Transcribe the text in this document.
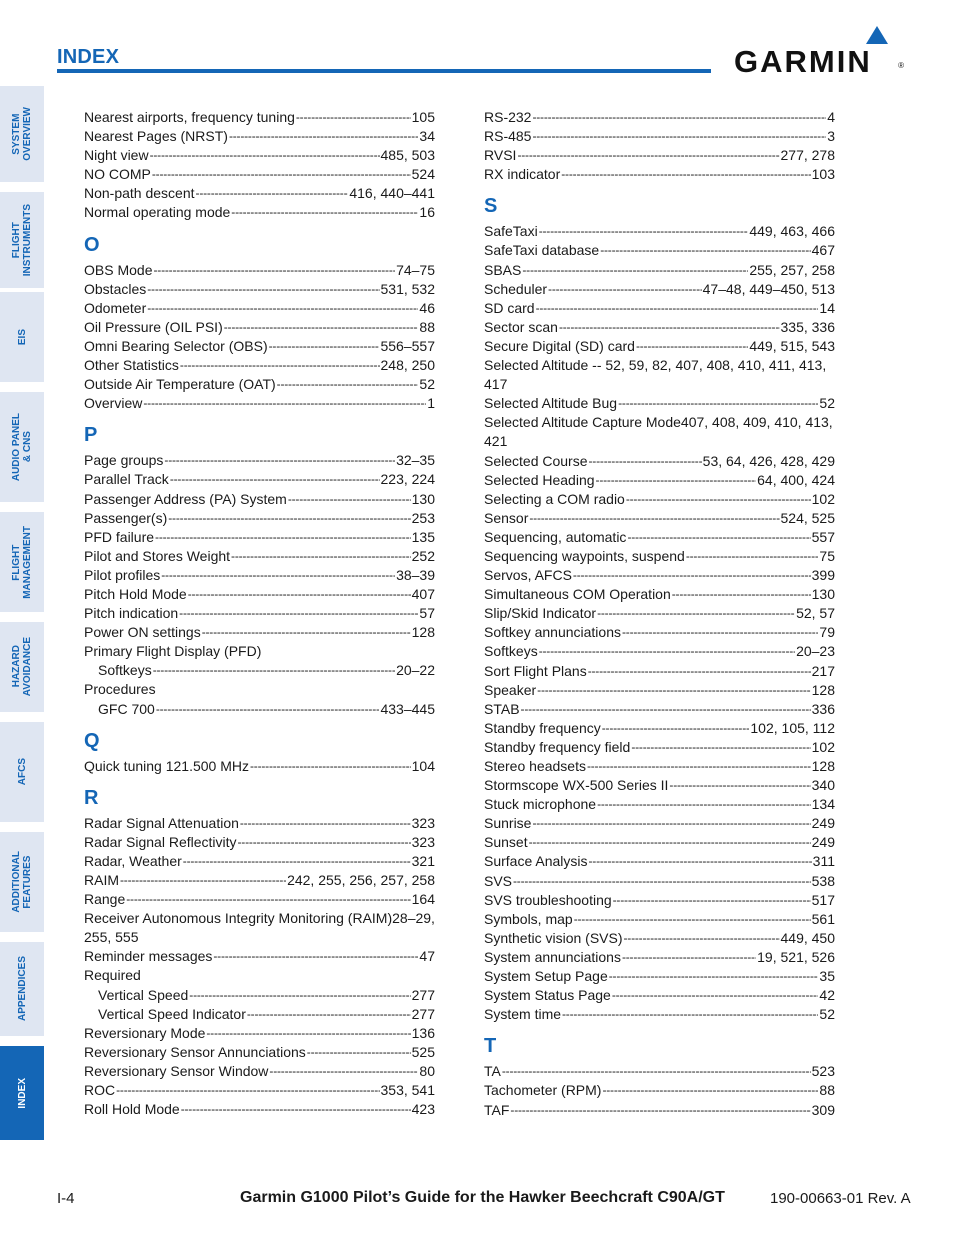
INDEX	GARMIN	®
SYSTEM
OVERVIEW
FLIGHT
INSTRUMENTS
EIS
AUDIO PANEL
& CNS
FLIGHT
MANAGEMENT
HAZARD
AVOIDANCE
AFCS
ADDITIONAL
FEATURES
APPENDICES
INDEX
Nearest airports, frequency tuning -----	105
Nearest Pages (NRST) -----	34
Night view -----	485, 503
NO COMP -----	524
Non-path descent -----	416, 440–441
Normal operating mode -----	16
O
OBS Mode -----	74–75
Obstacles -----	531, 532
Odometer -----	46
Oil Pressure (OIL PSI) -----	88
Omni Bearing Selector (OBS) -----	556–557
Other Statistics -----	248, 250
Outside Air Temperature (OAT) -----	52
Overview -----	1
P
Page groups -----	32–35
Parallel Track -----	223, 224
Passenger Address (PA) System -----	130
Passenger(s) -----	253
PFD failure -----	135
Pilot and Stores Weight -----	252
Pilot profiles -----	38–39
Pitch Hold Mode -----	407
Pitch indication -----	57
Power ON settings -----	128
Primary Flight Display (PFD)
Softkeys -----	20–22
Procedures
GFC 700 -----	433–445
Q
Quick tuning 121.500 MHz -----	104
R
Radar Signal Attenuation -----	323
Radar Signal Reflectivity -----	323
Radar, Weather -----	321
RAIM -----	242, 255, 256, 257, 258
Range -----	164
Receiver Autonomous Integrity Monitoring (RAIM)28–29, 255, 555
Reminder messages -----	47
Required
Vertical Speed -----	277
Vertical Speed Indicator -----	277
Reversionary Mode -----	136
Reversionary Sensor Annunciations -----	525
Reversionary Sensor Window -----	80
ROC -----	353, 541
Roll Hold Mode -----	423
RS-232 -----	4
RS-485 -----	3
RVSI -----	277, 278
RX indicator -----	103
S
SafeTaxi -----	449, 463, 466
SafeTaxi database -----	467
SBAS -----	255, 257, 258
Scheduler -----	47–48, 449–450, 513
SD card -----	14
Sector scan -----	335, 336
Secure Digital (SD) card -----	449, 515, 543
Selected Altitude -- 52, 59, 82, 407, 408, 410, 411, 413, 417
Selected Altitude Bug -----	52
Selected Altitude Capture Mode407, 408, 409, 410, 413, 421
Selected Course -----	53, 64, 426, 428, 429
Selected Heading -----	64, 400, 424
Selecting a COM radio -----	102
Sensor -----	524, 525
Sequencing, automatic -----	557
Sequencing waypoints, suspend -----	75
Servos, AFCS -----	399
Simultaneous COM Operation -----	130
Slip/Skid Indicator -----	52, 57
Softkey annunciations -----	79
Softkeys -----	20–23
Sort Flight Plans -----	217
Speaker -----	128
STAB -----	336
Standby frequency -----	102, 105, 112
Standby frequency field -----	102
Stereo headsets -----	128
Stormscope WX-500 Series II -----	340
Stuck microphone -----	134
Sunrise -----	249
Sunset -----	249
Surface Analysis -----	311
SVS -----	538
SVS troubleshooting -----	517
Symbols, map -----	561
Synthetic vision (SVS) -----	449, 450
System annunciations -----	19, 521, 526
System Setup Page -----	35
System Status Page -----	42
System time -----	52
T
TA -----	523
Tachometer (RPM) -----	88
TAF -----	309
I-4	Garmin G1000 Pilot’s Guide for the Hawker Beechcraft C90A/GT	190-00663-01 Rev. A
